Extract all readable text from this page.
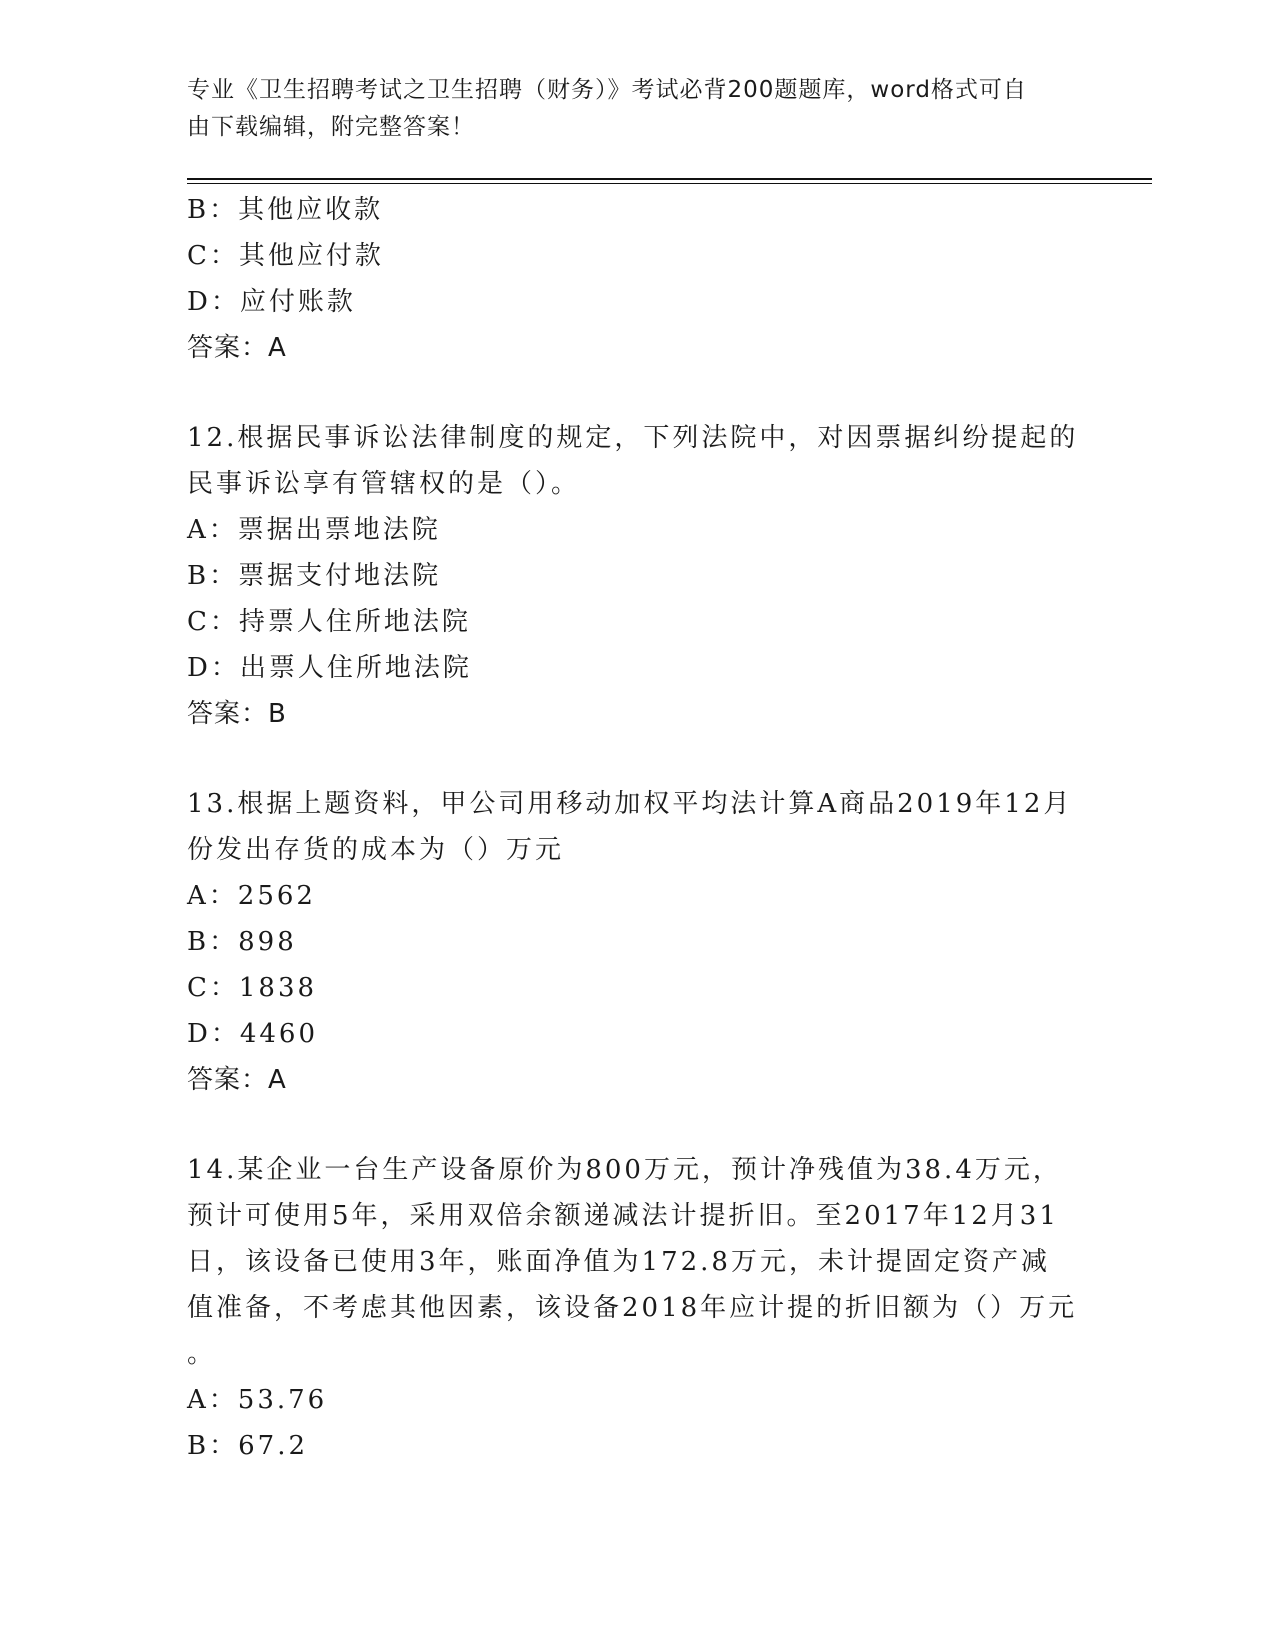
专业《卫生招聘考试之卫生招聘（财务）》考试必背200题题库，word格式可自
由下载编辑，附完整答案！
B：其他应收款
C：其他应付款
D：应付账款
答案：A
12.根据民事诉讼法律制度的规定，下列法院中，对因票据纠纷提起的
民事诉讼享有管辖权的是（）。
A：票据出票地法院
B：票据支付地法院
C：持票人住所地法院
D：出票人住所地法院
答案：B
13.根据上题资料，甲公司用移动加权平均法计算A商品2019年12月
份发出存货的成本为（）万元
A：2562
B：898
C：1838
D：4460
答案：A
14.某企业一台生产设备原价为800万元，预计净残值为38.4万元，
预计可使用5年，采用双倍余额递减法计提折旧。至2017年12月31
日，该设备已使用3年，账面净值为172.8万元，未计提固定资产减
值准备，不考虑其他因素，该设备2018年应计提的折旧额为（）万元
。
A：53.76
B：67.2
